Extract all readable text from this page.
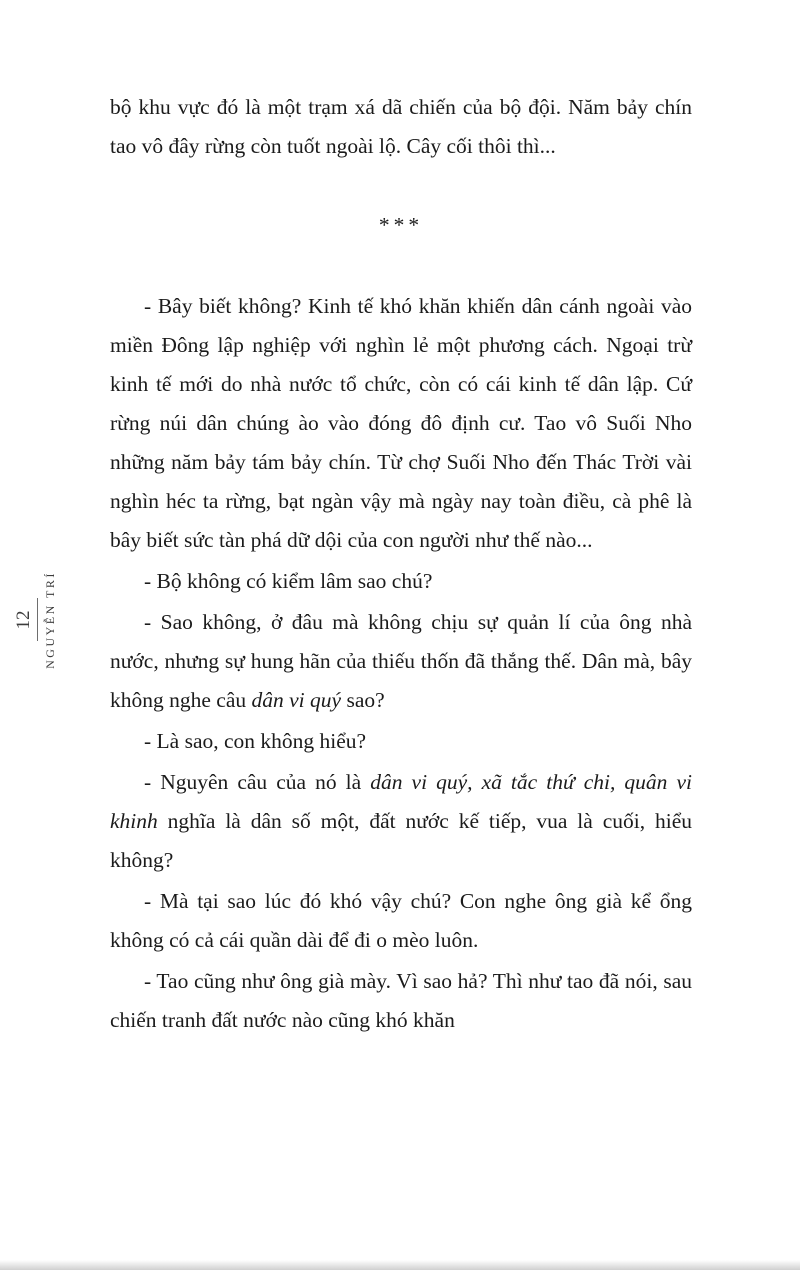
12 NGUYỄN TRÍ

bộ khu vực đó là một trạm xá dã chiến của bộ đội. Năm bảy chín tao vô đây rừng còn tuốt ngoài lộ. Cây cối thôi thì...

***

- Bây biết không? Kinh tế khó khăn khiến dân cánh ngoài vào miền Đông lập nghiệp với nghìn lẻ một phương cách. Ngoại trừ kinh tế mới do nhà nước tổ chức, còn có cái kinh tế dân lập. Cứ rừng núi dân chúng ào vào đóng đô định cư. Tao vô Suối Nho những năm bảy tám bảy chín. Từ chợ Suối Nho đến Thác Trời vài nghìn héc ta rừng, bạt ngàn vậy mà ngày nay toàn điều, cà phê là bây biết sức tàn phá dữ dội của con người như thế nào...

- Bộ không có kiểm lâm sao chú?

- Sao không, ở đâu mà không chịu sự quản lí của ông nhà nước, nhưng sự hung hãn của thiếu thốn đã thắng thế. Dân mà, bây không nghe câu dân vi quý sao?

- Là sao, con không hiểu?

- Nguyên câu của nó là dân vi quý, xã tắc thứ chi, quân vi khinh nghĩa là dân số một, đất nước kế tiếp, vua là cuối, hiểu không?

- Mà tại sao lúc đó khó vậy chú? Con nghe ông già kể ổng không có cả cái quần dài để đi o mèo luôn.

- Tao cũng như ông già mày. Vì sao hả? Thì như tao đã nói, sau chiến tranh đất nước nào cũng khó khăn
